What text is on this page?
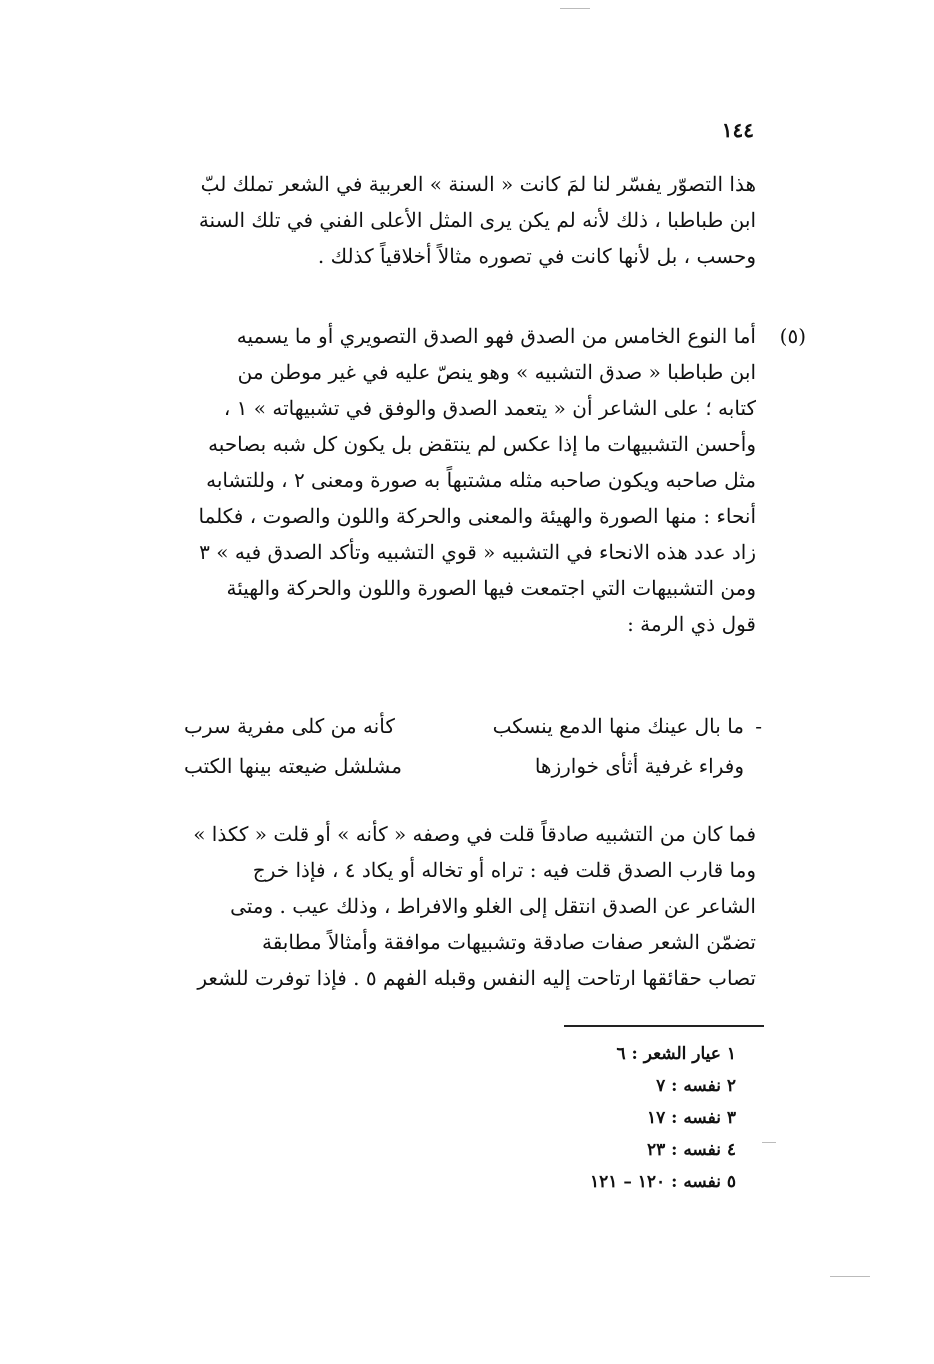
١٤٤
هذا التصوّر يفسّر لنا لمَ كانت « السنة » العربية في الشعر تملك لبّ
ابن طباطبا ، ذلك لأنه لم يكن يرى المثل الأعلى الفني في تلك السنة
وحسب ، بل لأنها كانت في تصوره مثالاً أخلاقياً كذلك .
(٥)
أما النوع الخامس من الصدق فهو الصدق التصويري أو ما يسميه
ابن طباطبا « صدق التشبيه » وهو ينصّ عليه في غير موطن من
كتابه ؛ على الشاعر أن « يتعمد الصدق والوفق في تشبيهاته » ١ ،
وأحسن التشبيهات ما إذا عكس لم ينتقض بل يكون كل شبه بصاحبه
مثل صاحبه ويكون صاحبه مثله مشتبهاً به صورة ومعنى ٢ ، وللتشابه
أنحاء : منها الصورة والهيئة والمعنى والحركة واللون والصوت ، فكلما
زاد عدد هذه الانحاء في التشبيه « قوي التشبيه وتأكد الصدق فيه » ٣
ومن التشبيهات التي اجتمعت فيها الصورة واللون والحركة والهيئة
قول ذي الرمة :
-
ما بال عينك منها الدمع ينسكب
كأنه من كلى مفرية سرب
وفراء غرفية أثأى خوارزها
مشلشل ضيعته بينها الكتب
فما كان من التشبيه صادقاً قلت في وصفه « كأنه » أو قلت « ككذا »
وما قارب الصدق قلت فيه : تراه أو تخاله أو يكاد ٤ ، فإذا خرج
الشاعر عن الصدق انتقل إلى الغلو والافراط ، وذلك عيب . ومتى
تضمّن الشعر صفات صادقة وتشبيهات موافقة وأمثالاً مطابقة
تصاب حقائقها ارتاحت إليه النفس وقبله الفهم ٥ . فإذا توفرت للشعر
١ عيار الشعر : ٦
٢ نفسه : ٧
٣ نفسه : ١٧
٤ نفسه : ٢٣
٥ نفسه : ١٢٠ – ١٢١
